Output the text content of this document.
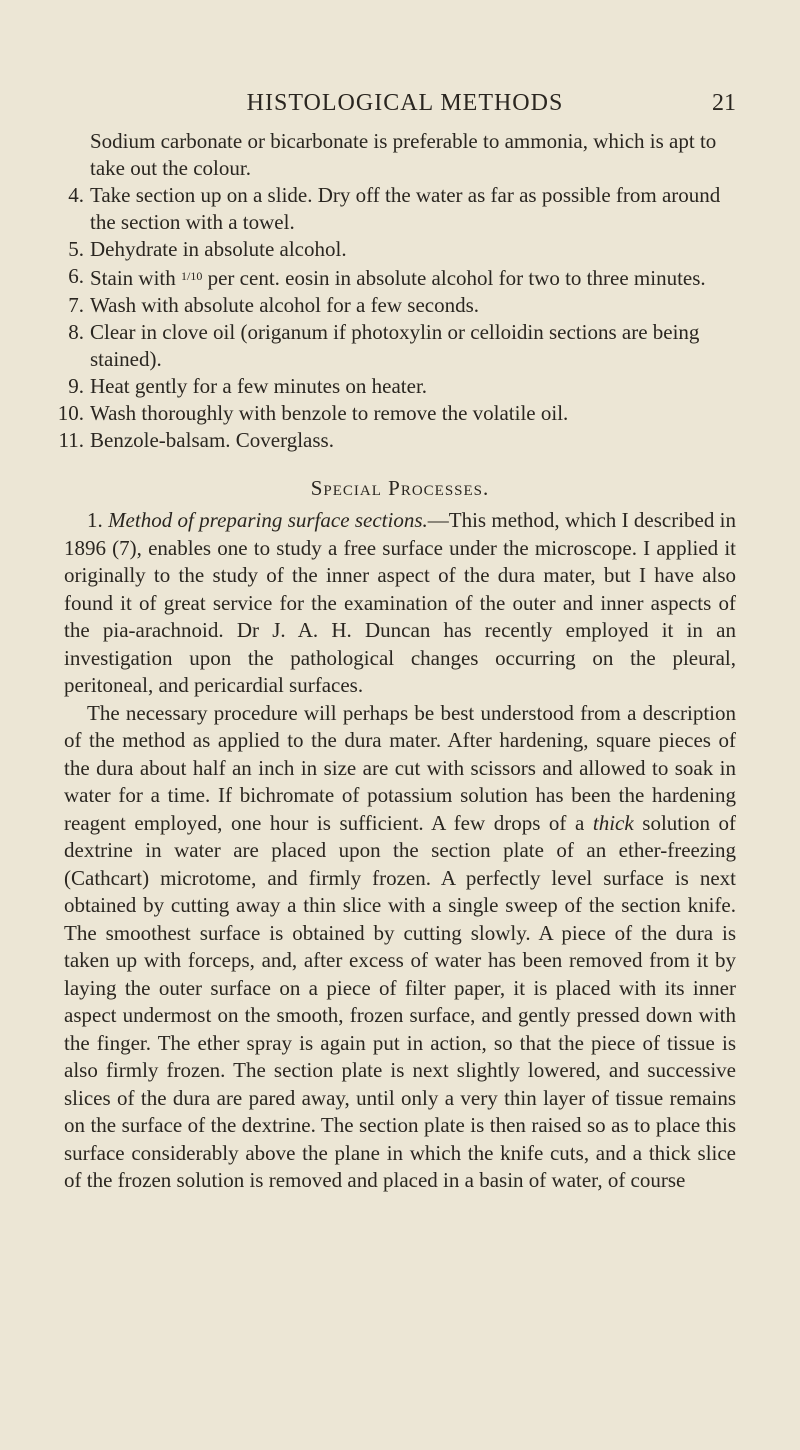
HISTOLOGICAL METHODS	21

Sodium carbonate or bicarbonate is preferable to ammonia, which is apt to take out the colour.

4. Take section up on a slide. Dry off the water as far as possible from around the section with a towel.
5. Dehydrate in absolute alcohol.
6. Stain with $^{1/10}$ per cent. eosin in absolute alcohol for two to three minutes.
7. Wash with absolute alcohol for a few seconds.
8. Clear in clove oil (origanum if photoxylin or celloidin sections are being stained).
9. Heat gently for a few minutes on heater.
10. Wash thoroughly with benzole to remove the volatile oil.
11. Benzole-balsam. Coverglass.
Special Processes.

1. Method of preparing surface sections.—This method, which I described in 1896 (7), enables one to study a free surface under the microscope. I applied it originally to the study of the inner aspect of the dura mater, but I have also found it of great service for the examination of the outer and inner aspects of the pia-arachnoid. Dr J. A. H. Duncan has recently employed it in an investigation upon the pathological changes occurring on the pleural, peritoneal, and pericardial surfaces.

The necessary procedure will perhaps be best understood from a description of the method as applied to the dura mater. After hardening, square pieces of the dura about half an inch in size are cut with scissors and allowed to soak in water for a time. If bichromate of potassium solution has been the hardening reagent employed, one hour is sufficient. A few drops of a thick solution of dextrine in water are placed upon the section plate of an ether-freezing (Cathcart) microtome, and firmly frozen. A perfectly level surface is next obtained by cutting away a thin slice with a single sweep of the section knife. The smoothest surface is obtained by cutting slowly. A piece of the dura is taken up with forceps, and, after excess of water has been removed from it by laying the outer surface on a piece of filter paper, it is placed with its inner aspect undermost on the smooth, frozen surface, and gently pressed down with the finger. The ether spray is again put in action, so that the piece of tissue is also firmly frozen. The section plate is next slightly lowered, and successive slices of the dura are pared away, until only a very thin layer of tissue remains on the surface of the dextrine. The section plate is then raised so as to place this surface considerably above the plane in which the knife cuts, and a thick slice of the frozen solution is removed and placed in a basin of water, of course
